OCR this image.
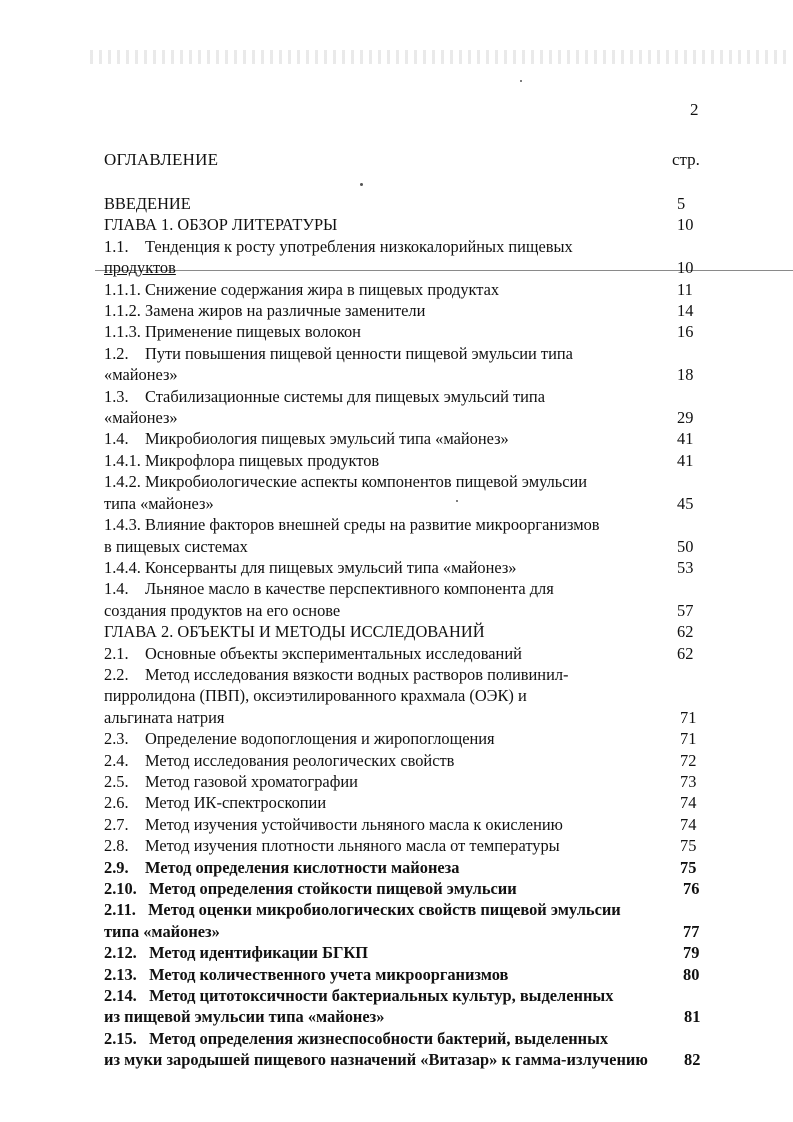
2
ОГЛАВЛЕНИЕ	стр.
ВВЕДЕНИЕ	5
ГЛАВА 1. ОБЗОР ЛИТЕРАТУРЫ	10
1.1.    Тенденция к росту употребления низкокалорийных пищевых
продуктов	10
1.1.1. Снижение содержания жира в пищевых продуктах	11
1.1.2. Замена жиров на различные заменители	14
1.1.3. Применение пищевых волокон	16
1.2.    Пути повышения пищевой ценности пищевой эмульсии типа
«майонез»	18
1.3.    Стабилизационные системы для пищевых эмульсий типа
«майонез»	29
1.4.    Микробиология пищевых эмульсий типа «майонез»	41
1.4.1. Микрофлора пищевых продуктов	41
1.4.2. Микробиологические аспекты компонентов пищевой эмульсии
типа «майонез»	45
1.4.3. Влияние факторов внешней среды на развитие микроорганизмов
в пищевых системах	50
1.4.4. Консерванты для пищевых эмульсий типа «майонез»	53
1.4.    Льняное масло в качестве перспективного компонента для
создания продуктов на его основе	57
ГЛАВА 2. ОБЪЕКТЫ И МЕТОДЫ ИССЛЕДОВАНИЙ	62
2.1.    Основные объекты экспериментальных исследований	62
2.2.    Метод исследования вязкости водных растворов поливинил-
пирролидона (ПВП), оксиэтилированного крахмала (ОЭК) и
альгината натрия	71
2.3.    Определение водопоглощения и жиропоглощения	71
2.4.    Метод исследования реологических свойств	72
2.5.    Метод газовой хроматографии	73
2.6.    Метод ИК-спектроскопии	74
2.7.    Метод изучения устойчивости льняного масла к окислению	74
2.8.    Метод изучения плотности льняного масла от температуры	75
2.9.    Метод определения кислотности майонеза	75
2.10.   Метод определения стойкости пищевой эмульсии	76
2.11.   Метод оценки микробиологических свойств пищевой эмульсии
типа «майонез»	77
2.12.   Метод идентификации БГКП	79
2.13.   Метод количественного учета микроорганизмов	80
2.14.   Метод цитотоксичности бактериальных культур, выделенных
из пищевой эмульсии типа «майонез»	81
2.15.   Метод определения жизнеспособности бактерий, выделенных
из муки зародышей пищевого назначений «Витазар» к гамма-излучению	82
